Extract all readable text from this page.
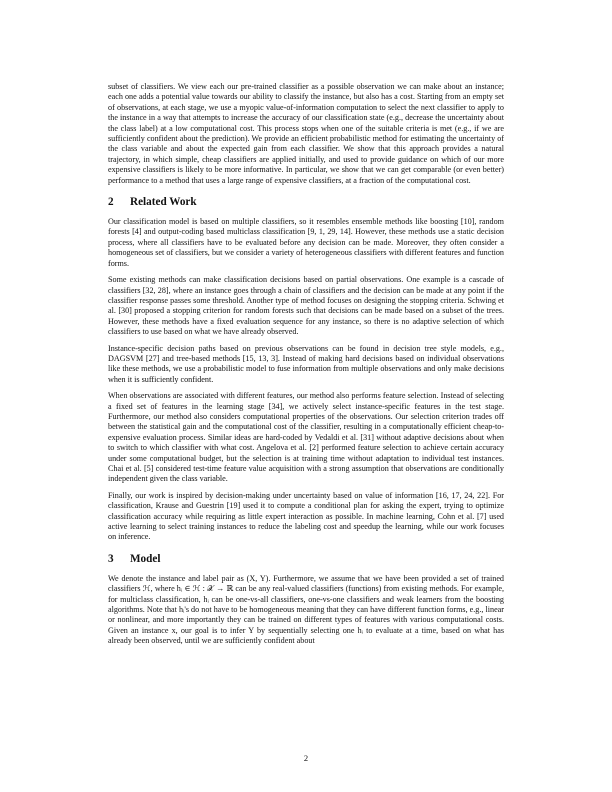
subset of classifiers. We view each our pre-trained classifier as a possible observation we can make about an instance; each one adds a potential value towards our ability to classify the instance, but also has a cost. Starting from an empty set of observations, at each stage, we use a myopic value-of-information computation to select the next classifier to apply to the instance in a way that attempts to increase the accuracy of our classification state (e.g., decrease the uncertainty about the class label) at a low computational cost. This process stops when one of the suitable criteria is met (e.g., if we are sufficiently confident about the prediction). We provide an efficient probabilistic method for estimating the uncertainty of the class variable and about the expected gain from each classifier. We show that this approach provides a natural trajectory, in which simple, cheap classifiers are applied initially, and used to provide guidance on which of our more expensive classifiers is likely to be more informative. In particular, we show that we can get comparable (or even better) performance to a method that uses a large range of expensive classifiers, at a fraction of the computational cost.

2 Related Work

Our classification model is based on multiple classifiers, so it resembles ensemble methods like boosting [10], random forests [4] and output-coding based multiclass classification [9, 1, 29, 14]. However, these methods use a static decision process, where all classifiers have to be evaluated before any decision can be made. Moreover, they often consider a homogeneous set of classifiers, but we consider a variety of heterogeneous classifiers with different features and function forms.

Some existing methods can make classification decisions based on partial observations. One example is a cascade of classifiers [32, 28], where an instance goes through a chain of classifiers and the decision can be made at any point if the classifier response passes some threshold. Another type of method focuses on designing the stopping criteria. Schwing et al. [30] proposed a stopping criterion for random forests such that decisions can be made based on a subset of the trees. However, these methods have a fixed evaluation sequence for any instance, so there is no adaptive selection of which classifiers to use based on what we have already observed.

Instance-specific decision paths based on previous observations can be found in decision tree style models, e.g., DAGSVM [27] and tree-based methods [15, 13, 3]. Instead of making hard decisions based on individual observations like these methods, we use a probabilistic model to fuse information from multiple observations and only make decisions when it is sufficiently confident.

When observations are associated with different features, our method also performs feature selection. Instead of selecting a fixed set of features in the learning stage [34], we actively select instance-specific features in the test stage. Furthermore, our method also considers computational properties of the observations. Our selection criterion trades off between the statistical gain and the computational cost of the classifier, resulting in a computationally efficient cheap-to-expensive evaluation process. Similar ideas are hard-coded by Vedaldi et al. [31] without adaptive decisions about when to switch to which classifier with what cost. Angelova et al. [2] performed feature selection to achieve certain accuracy under some computational budget, but the selection is at training time without adaptation to individual test instances. Chai et al. [5] considered test-time feature value acquisition with a strong assumption that observations are conditionally independent given the class variable.

Finally, our work is inspired by decision-making under uncertainty based on value of information [16, 17, 24, 22]. For classification, Krause and Guestrin [19] used it to compute a conditional plan for asking the expert, trying to optimize classification accuracy while requiring as little expert interaction as possible. In machine learning, Cohn et al. [7] used active learning to select training instances to reduce the labeling cost and speedup the learning, while our work focuses on inference.

3 Model

We denote the instance and label pair as (X, Y). Furthermore, we assume that we have been provided a set of trained classifiers ℋ, where hᵢ ∈ ℋ : 𝒳 → ℝ can be any real-valued classifiers (functions) from existing methods. For example, for multiclass classification, hᵢ can be one-vs-all classifiers, one-vs-one classifiers and weak learners from the boosting algorithms. Note that hᵢ's do not have to be homogeneous meaning that they can have different function forms, e.g., linear or nonlinear, and more importantly they can be trained on different types of features with various computational costs. Given an instance x, our goal is to infer Y by sequentially selecting one hᵢ to evaluate at a time, based on what has already been observed, until we are sufficiently confident about

2
